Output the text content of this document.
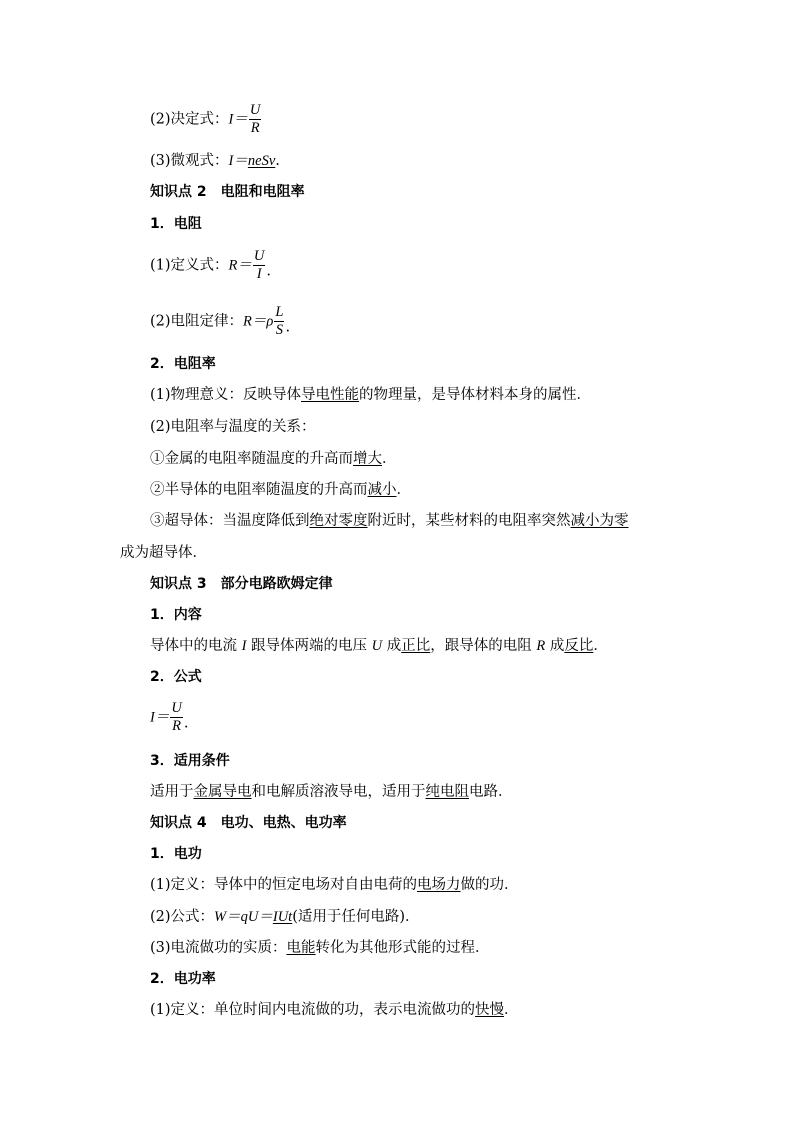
(2)决定式：$I= \frac{U}{R}$
(3)微观式：I＝neSv.
知识点 2　电阻和电阻率
1．电阻
(1)定义式：$R= \frac{U}{I}$ .
(2)电阻定律：$R=\rho \frac{L}{S}$ .
2．电阻率
(1)物理意义：反映导体导电性能的物理量，是导体材料本身的属性．
(2)电阻率与温度的关系：
①金属的电阻率随温度的升高而增大．
②半导体的电阻率随温度的升高而减小．
③超导体：当温度降低到绝对零度附近时，某些材料的电阻率突然减小为零
成为超导体．
知识点 3　部分电路欧姆定律
1．内容
导体中的电流 I 跟导体两端的电压 U 成正比，跟导体的电阻 R 成反比．
2．公式
$I= \frac{U}{R}$ .
3．适用条件
适用于金属导电和电解质溶液导电，适用于纯电阻电路．
知识点 4　电功、电热、电功率
1．电功
(1)定义：导体中的恒定电场对自由电荷的电场力做的功．
(2)公式：W＝qU＝IUt(适用于任何电路)．
(3)电流做功的实质：电能转化为其他形式能的过程．
2．电功率
(1)定义：单位时间内电流做的功，表示电流做功的快慢．
